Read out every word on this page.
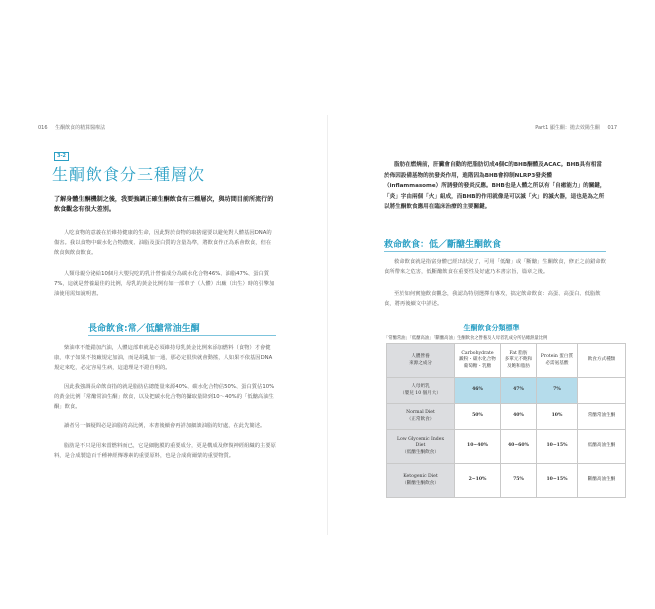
016 生酮飲食的精算醫療法
3-2
生酮飲食分三種層次
了解身體生酮機制之後，我要強調正確生酮飲食有三種層次，與坊間目前所流行的飲食觀念有很大差別。

人吃食物的意義在於維持健康的生命，因此對於食物的取捨還要以避免對人體基因DNA的傷害。我以食物中碳水化合物濃度、油脂及蛋白質的含量為準，將飲食作正為系會飲食，但在飲食與飲食飲食。

人類母親分泌給10個月大嬰兒吃的乳汁營養成分為碳水化合物46%、油脂47%、蛋白質7%，這就是營養最佳的比例，母乳的黃金比例有如一部車子（人體）出廠（出生）時的引擎加油使用需知說明書。

長命飲食:常／低醣常油生酮

柴油車不能錯加汽油，人體這部車就是必須維持母乳黃金比例來添加燃料（食物）才會健康，車子如果不按廠規定加油，而是胡亂加一通，那必定很快就會動搖，人如果不依基因DNA規定來吃，必定容易生病，這道理是不證自明的。

因此我強調長命飲食指的就是脂肪佔總能量來源40%、碳水化合物佔50%、蛋白質佔10%的黃金比例「常醣常油生酮」飲食，以及把碳水化合物的攝取量降到10～40%的「低醣高油生酮」飲食。

讀者另一個疑問必是油脂的高比例，本書後續會再詳加細談油脂的好處，在此先簡述。

脂肪是不只是用來當燃料而已，它是細胞膜的重要成分，更是構成及修復神經組織的主要原料，是合成製造百千種神經傳導素的重要原料，也是合成荷爾蒙的重要物質。

Part1 顯生酮：拋去效陽生酮 017

脂肪在燃燒前，肝臟會自動的把脂肪切成4個C的BHB酮體及ACAC。BHB具有相當於佈因設備基物的抗發炎作用，進階因為BHB會抑制NLRP3發炎體（inflammasome）所誘發的發炎反應。BHB也是人體之所以有「自癒能力」的關鍵，「炎」字由兩個「火」組成，而BHB的作用就像是可以滅「火」的滅火器，這也是為之所以將生酮飲食應用在臨床治療的主要關鍵。

救命飲食：低／斷醣生酮飲食

救命飲食就是指富身體已經出狀況了，可用「低醣」或「斷醣」生酮飲食，修正之前錯命飲食所帶來之危害，低斷醣飲食在重要性及好處乃本書宗旨，篇章之後。

至於如何實施飲食觀念，我認為特別選擇有專攻，搞定飲命飲食：高蛋、高蛋白、低脂飲食，將再後續文中詳述。

生酮飲食分類標準
「常醣常油」「低醣高油」「斷醣高油」生酮飲食之營養及人母者乳成分所佔總熱量比例
人體營養
來源之成分	Carbohydrate
澱粉・碳水化合物
葡萄糖・乳糖	Fat 脂肪
多單元不飽和
及飽和脂肪	Protein 蛋白質
必需氨基酸	飲食方式種類
人母奶乳
（嬰兒 10 個月大）	46%	47%	7%	
Normal Diet
（正常飲食）	50%	40%	10%	常醣常油生酮
Low Glycemic Index
Diet
（低醣生酮飲食）	10~40%	40~60%	10~15%	低醣高油生酮
Ketogenic Diet
（斷醣生酮飲食）	2~10%	75%	10~15%	斷醣高油生酮
